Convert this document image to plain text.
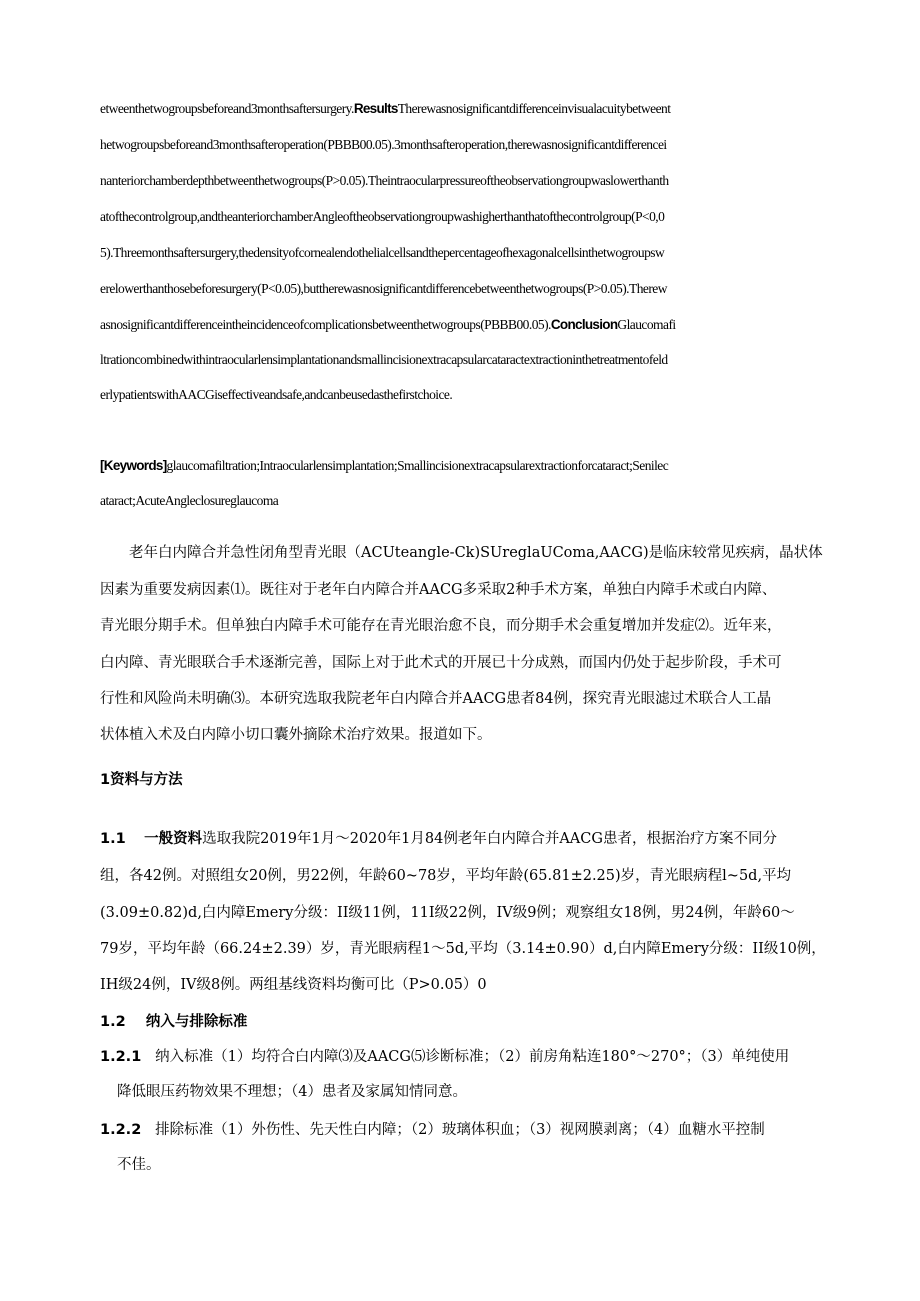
etweenthetwogroupsbeforeand3monthsaftersurgery.ResultsTherewasnosignificantdifferenceinvisualacuitybetweent
hetwogroupsbeforeand3monthsafteroperation(PBBB00.05).3monthsafteroperation,therewasnosignificantdifferencei
nanteriorchamberdepthbetweenthetwogroups(P>0.05).Theintraocularpressureoftheobservationgroupwaslowerthanth
atofthecontrolgroup,andtheanteriorchamberAngleoftheobservationgroupwashigherthanthatofthecontrolgroup(P<0,0
5).Threemonthsaftersurgery,thedensityofcornealendothelialcellsandthepercentageofhexagonalcellsinthetwogroupsw
erelowerthanthosebeforesurgery(P<0.05),buttherewasnosignificantdifferencebetweenthetwogroups(P>0.05).Therew
asnosignificantdifferenceintheincidenceofcomplicationsbetweenthetwogroups(PBBB00.05).ConclusionGlaucomafi
ltrationcombinedwithintraocularlensimplantationandsmallincisionextracapsularcataractextractioninthetreatmentofeld
erlypatientswithAACGiseffectiveandsafe,andcanbeusedasthefirstchoice.
[Keywords]glaucomafiltration;Intraocularlensimplantation;Smallincisionextracapsularextractionforcataract;Senilec
ataract;AcuteAngleclosureglaucoma
　　老年白内障合并急性闭角型青光眼（ACUteangle-Ck)SUreglaUComa,AACG)是临床较常见疾病，晶状体
因素为重要发病因素⑴。既往对于老年白内障合并AACG多采取2种手术方案，单独白内障手术或白内障、
青光眼分期手术。但单独白内障手术可能存在青光眼治愈不良，而分期手术会重复增加并发症⑵。近年来，
白内障、青光眼联合手术逐渐完善，国际上对于此术式的开展已十分成熟，而国内仍处于起步阶段，手术可
行性和风险尚未明确⑶。本研究选取我院老年白内障合并AACG患者84例，探究青光眼滤过术联合人工晶
状体植入术及白内障小切口囊外摘除术治疗效果。报道如下。
1资料与方法
1.1 一般资料选取我院2019年1月～2020年1月84例老年白内障合并AACG患者，根据治疗方案不同分
组，各42例。对照组女20例，男22例，年龄60~78岁，平均年龄(65.81±2.25)岁，青光眼病程l~5d,平均
(3.09±0.82)d,白内障Emery分级：II级11例，11I级22例，IV级9例；观察组女18例，男24例，年龄60～
79岁，平均年龄（66.24±2.39）岁，青光眼病程1～5d,平均（3.14±0.90）d,白内障Emery分级：II级10例，
IH级24例，IV级8例。两组基线资料均衡可比（P>0.05）0
1.2 纳入与排除标准
1.2.1 纳入标准（1）均符合白内障⑶及AACG⑸诊断标准；（2）前房角粘连180°～270°；（3）单纯使用
降低眼压药物效果不理想；（4）患者及家属知情同意。
1.2.2 排除标准（1）外伤性、先天性白内障；（2）玻璃体积血；（3）视网膜剥离；（4）血糖水平控制
不佳。
